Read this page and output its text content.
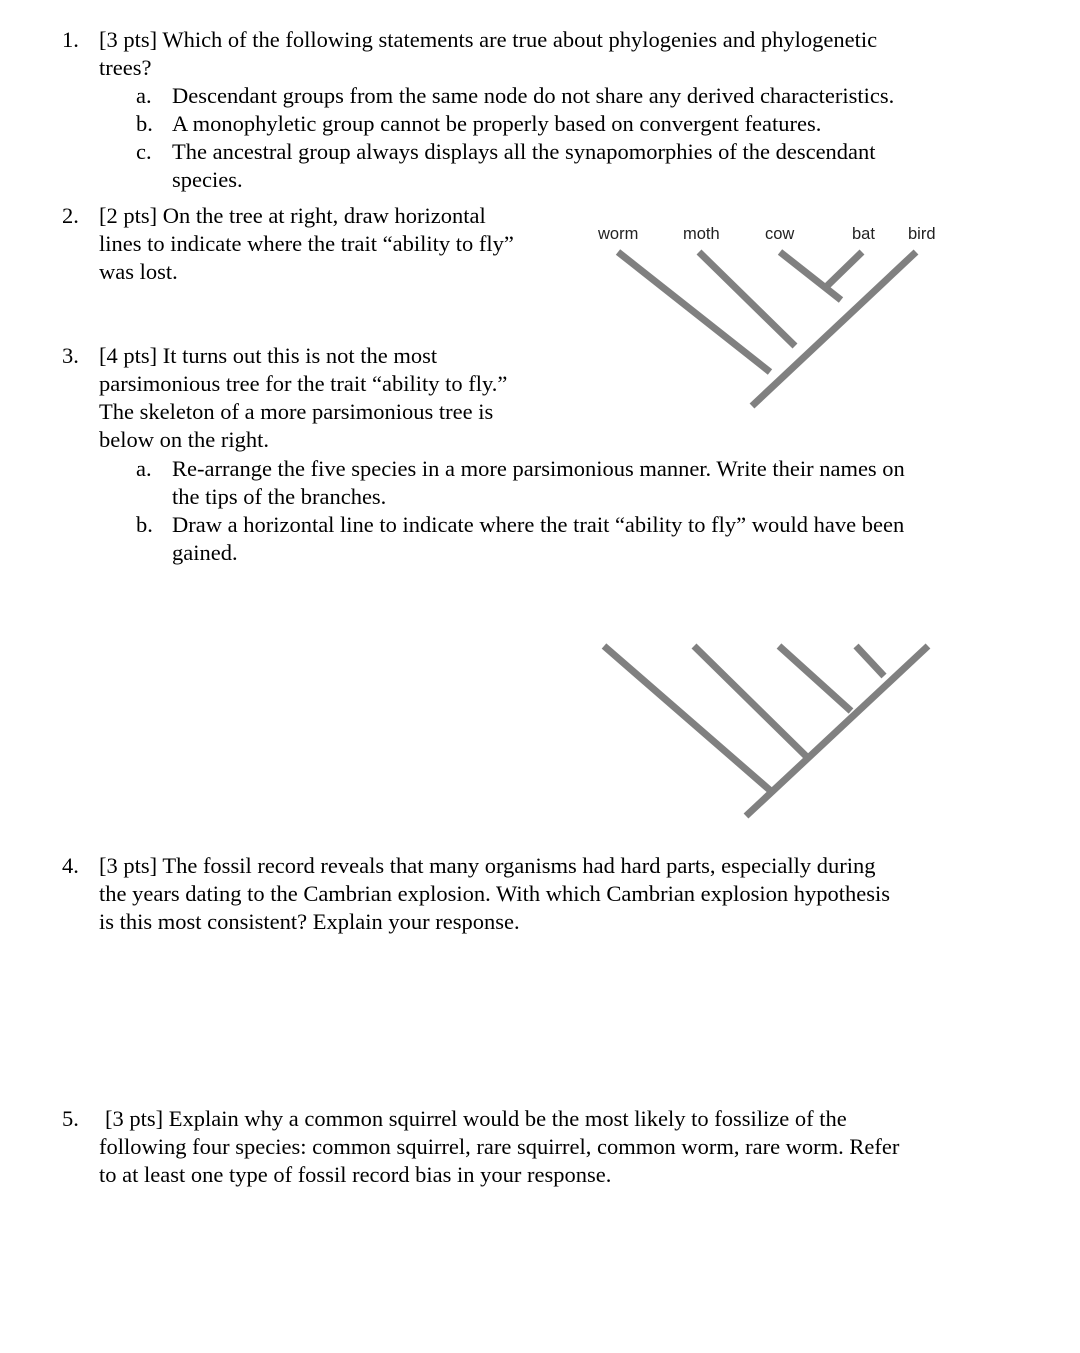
1. [3 pts] Which of the following statements are true about phylogenies and phylogenetic

trees?

a. Descendant groups from the same node do not share any derived characteristics.

b. A monophyletic group cannot be properly based on convergent features.

c. The ancestral group always displays all the synapomorphies of the descendant

species.

2. [2 pts] On the tree at right, draw horizontal

lines to indicate where the trait “ability to fly”

was lost.

worm	moth	cow	bat bird
3. [4 pts] It turns out this is not the most

parsimonious tree for the trait “ability to fly.”

The skeleton of a more parsimonious tree is

below on the right.

a. Re-arrange the five species in a more parsimonious manner. Write their names on

the tips of the branches.

b. Draw a horizontal line to indicate where the trait “ability to fly” would have been

gained.

4. [3 pts] The fossil record reveals that many organisms had hard parts, especially during

the years dating to the Cambrian explosion. With which Cambrian explosion hypothesis

is this most consistent? Explain your response.

5. [3 pts] Explain why a common squirrel would be the most likely to fossilize of the

following four species: common squirrel, rare squirrel, common worm, rare worm. Refer

to at least one type of fossil record bias in your response.
